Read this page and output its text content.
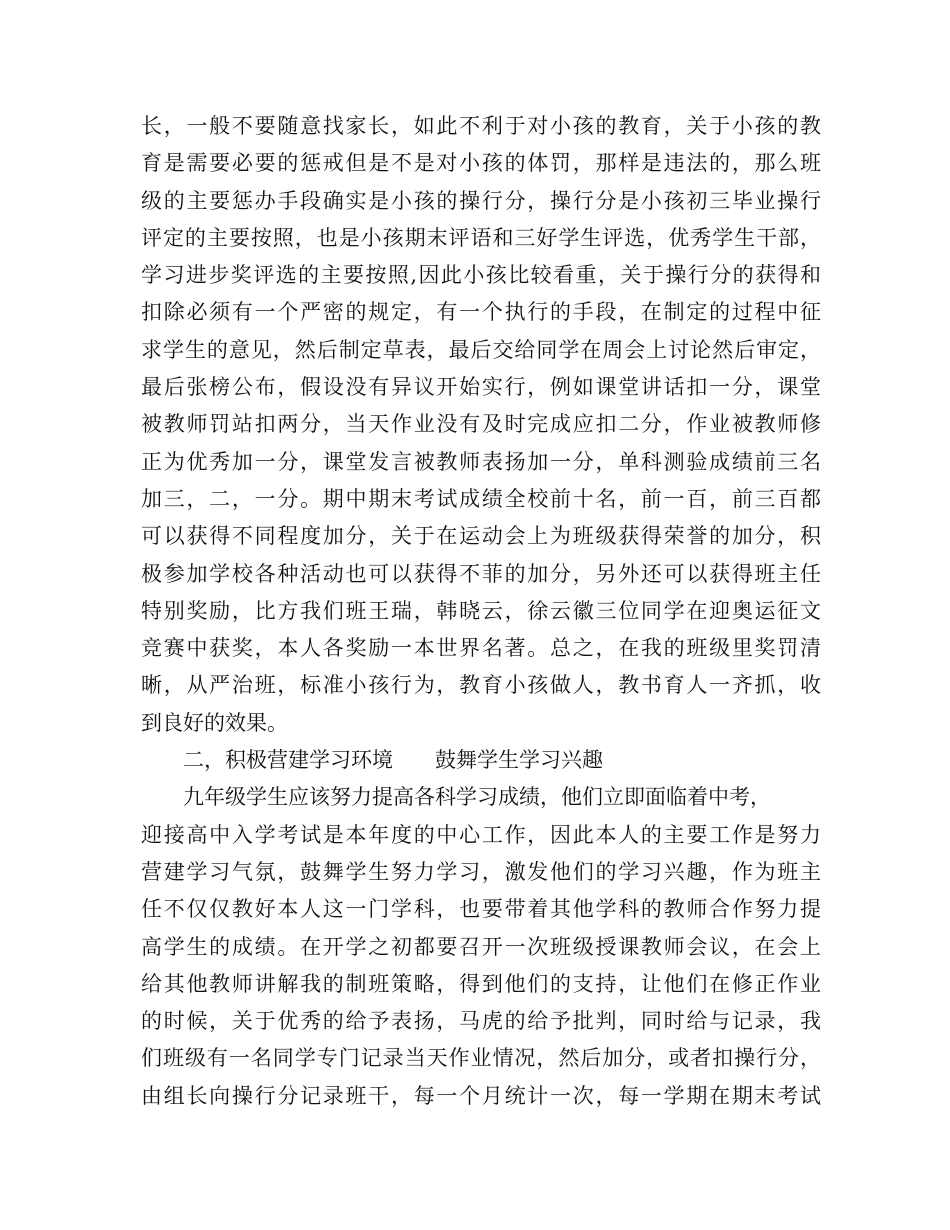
长，一般不要随意找家长，如此不利于对小孩的教育，关于小孩的教
育是需要必要的惩戒但是不是对小孩的体罚，那样是违法的，那么班
级的主要惩办手段确实是小孩的操行分，操行分是小孩初三毕业操行
评定的主要按照，也是小孩期末评语和三好学生评选，优秀学生干部，
学习进步奖评选的主要按照,因此小孩比较看重，关于操行分的获得和
扣除必须有一个严密的规定，有一个执行的手段，在制定的过程中征
求学生的意见，然后制定草表，最后交给同学在周会上讨论然后审定，
最后张榜公布，假设没有异议开始实行，例如课堂讲话扣一分，课堂
被教师罚站扣两分，当天作业没有及时完成应扣二分，作业被教师修
正为优秀加一分，课堂发言被教师表扬加一分，单科测验成绩前三名
加三，二，一分。期中期末考试成绩全校前十名，前一百，前三百都
可以获得不同程度加分，关于在运动会上为班级获得荣誉的加分，积
极参加学校各种活动也可以获得不菲的加分，另外还可以获得班主任
特别奖励，比方我们班王瑞，韩晓云，徐云徽三位同学在迎奥运征文
竞赛中获奖，本人各奖励一本世界名著。总之，在我的班级里奖罚清
晰，从严治班，标准小孩行为，教育小孩做人，教书育人一齐抓，收
到良好的效果。
二，积极营建学习环境　　鼓舞学生学习兴趣
九年级学生应该努力提高各科学习成绩，他们立即面临着中考，
迎接高中入学考试是本年度的中心工作，因此本人的主要工作是努力
营建学习气氛，鼓舞学生努力学习，激发他们的学习兴趣，作为班主
任不仅仅教好本人这一门学科，也要带着其他学科的教师合作努力提
高学生的成绩。在开学之初都要召开一次班级授课教师会议，在会上
给其他教师讲解我的制班策略，得到他们的支持，让他们在修正作业
的时候，关于优秀的给予表扬，马虎的给予批判，同时给与记录，我
们班级有一名同学专门记录当天作业情况，然后加分，或者扣操行分，
由组长向操行分记录班干，每一个月统计一次，每一学期在期末考试
